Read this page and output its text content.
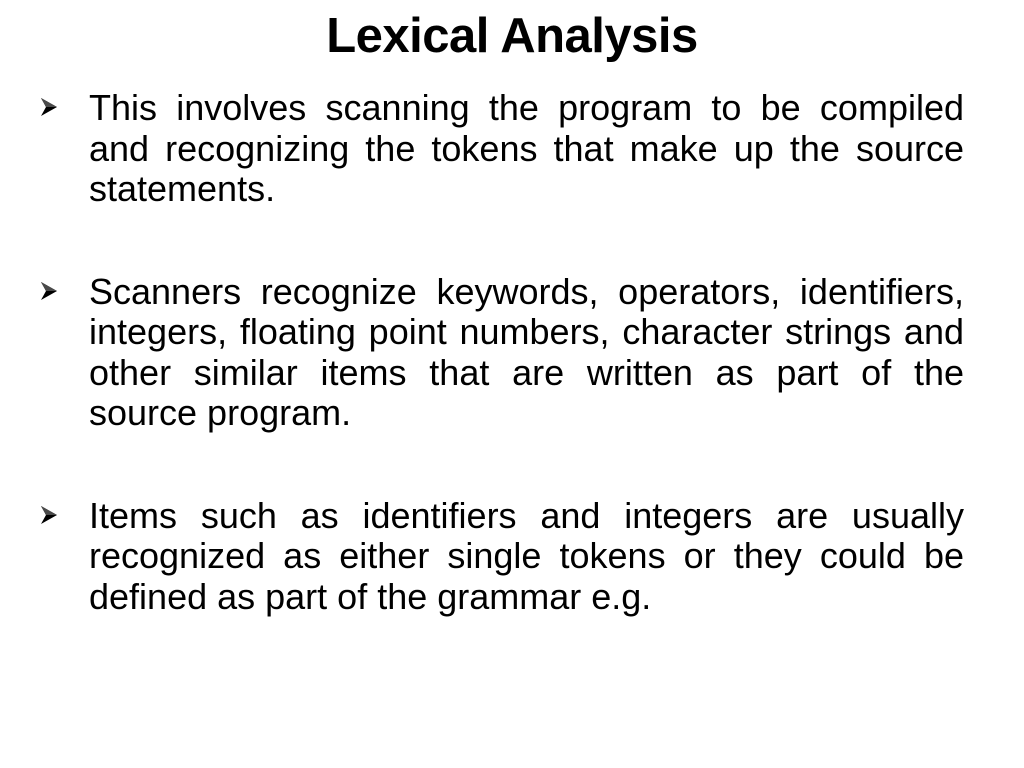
Lexical Analysis
This involves scanning the program to be compiled and recognizing the tokens that make up the source statements.
Scanners recognize keywords, operators, identifiers, integers, floating point numbers, character strings and other similar items that are written as part of the source program.
Items such as identifiers and integers are usually recognized as either single tokens or they could be defined as part of the grammar e.g.
